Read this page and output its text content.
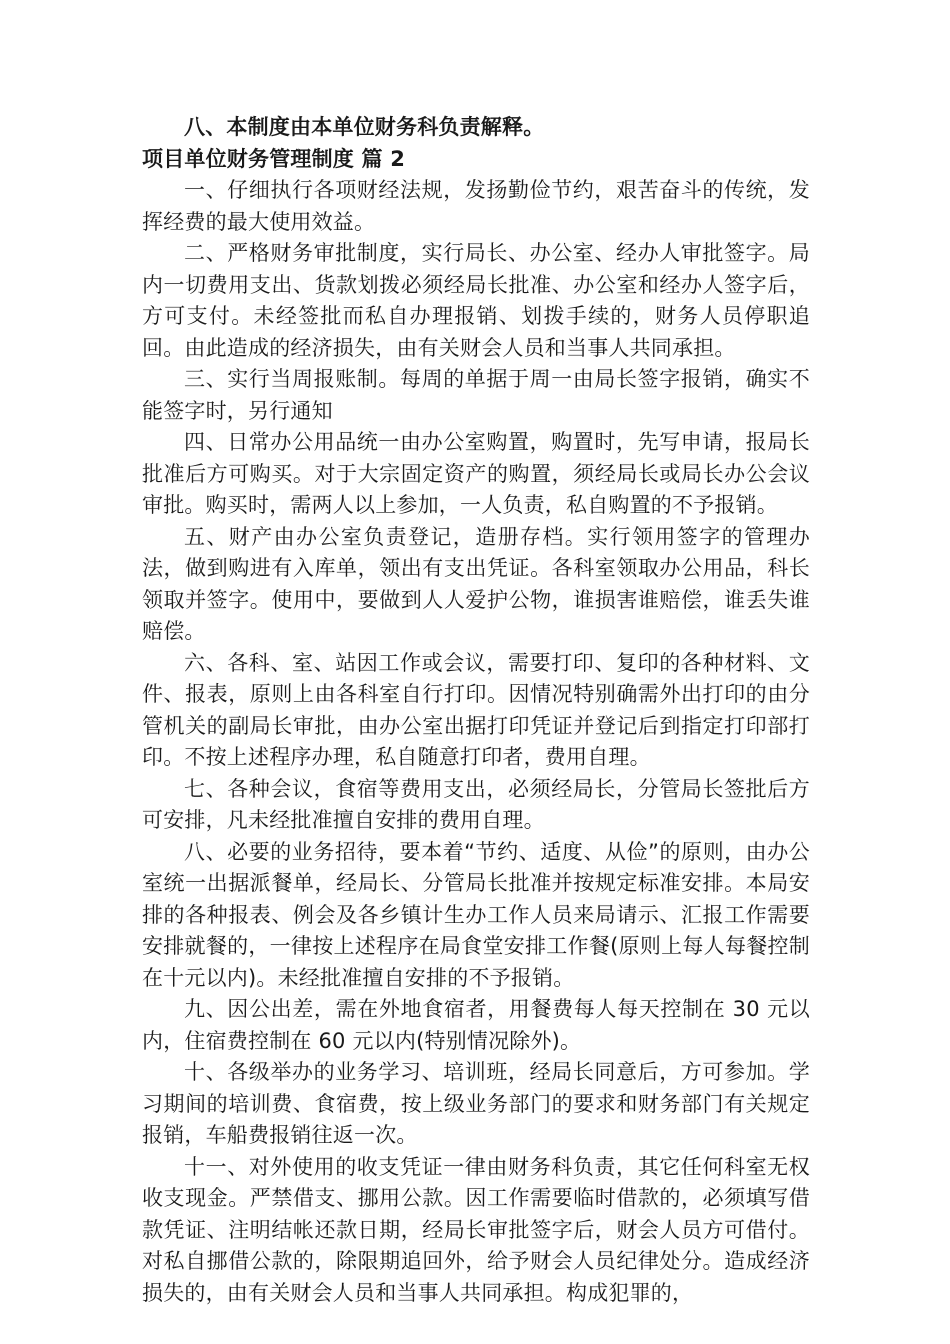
八、本制度由本单位财务科负责解释。

项目单位财务管理制度 篇 2

一、仔细执行各项财经法规，发扬勤俭节约，艰苦奋斗的传统，发挥经费的最大使用效益。

二、严格财务审批制度，实行局长、办公室、经办人审批签字。局内一切费用支出、货款划拨必须经局长批准、办公室和经办人签字后，方可支付。未经签批而私自办理报销、划拨手续的，财务人员停职追回。由此造成的经济损失，由有关财会人员和当事人共同承担。

三、实行当周报账制。每周的单据于周一由局长签字报销，确实不能签字时，另行通知

四、日常办公用品统一由办公室购置，购置时，先写申请，报局长批准后方可购买。对于大宗固定资产的购置，须经局长或局长办公会议审批。购买时，需两人以上参加，一人负责，私自购置的不予报销。

五、财产由办公室负责登记，造册存档。实行领用签字的管理办法，做到购进有入库单，领出有支出凭证。各科室领取办公用品，科长领取并签字。使用中，要做到人人爱护公物，谁损害谁赔偿，谁丢失谁赔偿。

六、各科、室、站因工作或会议，需要打印、复印的各种材料、文件、报表，原则上由各科室自行打印。因情况特别确需外出打印的由分管机关的副局长审批，由办公室出据打印凭证并登记后到指定打印部打印。不按上述程序办理，私自随意打印者，费用自理。

七、各种会议，食宿等费用支出，必须经局长，分管局长签批后方可安排，凡未经批准擅自安排的费用自理。

八、必要的业务招待，要本着“节约、适度、从俭”的原则，由办公室统一出据派餐单，经局长、分管局长批准并按规定标准安排。本局安排的各种报表、例会及各乡镇计生办工作人员来局请示、汇报工作需要安排就餐的，一律按上述程序在局食堂安排工作餐(原则上每人每餐控制在十元以内)。未经批准擅自安排的不予报销。

九、因公出差，需在外地食宿者，用餐费每人每天控制在 30 元以内，住宿费控制在 60 元以内(特别情况除外)。

十、各级举办的业务学习、培训班，经局长同意后，方可参加。学习期间的培训费、食宿费，按上级业务部门的要求和财务部门有关规定报销，车船费报销往返一次。

十一、对外使用的收支凭证一律由财务科负责，其它任何科室无权收支现金。严禁借支、挪用公款。因工作需要临时借款的，必须填写借款凭证、注明结帐还款日期，经局长审批签字后，财会人员方可借付。对私自挪借公款的，除限期追回外，给予财会人员纪律处分。造成经济损失的，由有关财会人员和当事人共同承担。构成犯罪的，
